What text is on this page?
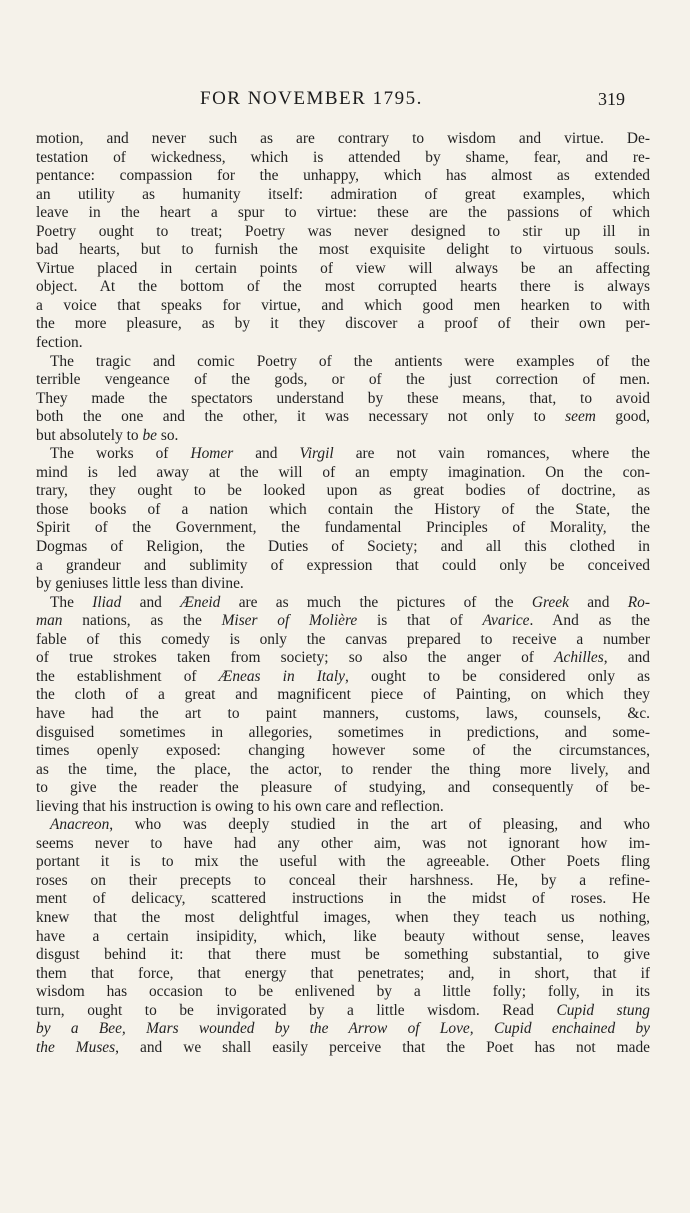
FOR NOVEMBER 1795.	319
motion, and never such as are contrary to wisdom and virtue. De-
testation of wickedness, which is attended by shame, fear, and re-
pentance: compassion for the unhappy, which has almost as extended
an utility as humanity itself: admiration of great examples, which
leave in the heart a spur to virtue: these are the passions of which
Poetry ought to treat; Poetry was never designed to stir up ill in
bad hearts, but to furnish the most exquisite delight to virtuous souls.
Virtue placed in certain points of view will always be an affecting
object. At the bottom of the most corrupted hearts there is always
a voice that speaks for virtue, and which good men hearken to with
the more pleasure, as by it they discover a proof of their own per-
fection.
The tragic and comic Poetry of the antients were examples of the
terrible vengeance of the gods, or of the just correction of men.
They made the spectators understand by these means, that, to avoid
both the one and the other, it was necessary not only to seem good,
but absolutely to be so.
The works of Homer and Virgil are not vain romances, where the
mind is led away at the will of an empty imagination. On the con-
trary, they ought to be looked upon as great bodies of doctrine, as
those books of a nation which contain the History of the State, the
Spirit of the Government, the fundamental Principles of Morality, the
Dogmas of Religion, the Duties of Society; and all this clothed in
a grandeur and sublimity of expression that could only be conceived
by geniuses little less than divine.
The Iliad and Æneid are as much the pictures of the Greek and Ro-
man nations, as the Miser of Molière is that of Avarice. And as the
fable of this comedy is only the canvas prepared to receive a number
of true strokes taken from society; so also the anger of Achilles, and
the establishment of Æneas in Italy, ought to be considered only as
the cloth of a great and magnificent piece of Painting, on which they
have had the art to paint manners, customs, laws, counsels, &c.
disguised sometimes in allegories, sometimes in predictions, and some-
times openly exposed: changing however some of the circumstances,
as the time, the place, the actor, to render the thing more lively, and
to give the reader the pleasure of studying, and consequently of be-
lieving that his instruction is owing to his own care and reflection.
Anacreon, who was deeply studied in the art of pleasing, and who
seems never to have had any other aim, was not ignorant how im-
portant it is to mix the useful with the agreeable. Other Poets fling
roses on their precepts to conceal their harshness. He, by a refine-
ment of delicacy, scattered instructions in the midst of roses. He
knew that the most delightful images, when they teach us nothing,
have a certain insipidity, which, like beauty without sense, leaves
disgust behind it: that there must be something substantial, to give
them that force, that energy that penetrates; and, in short, that if
wisdom has occasion to be enlivened by a little folly; folly, in its
turn, ought to be invigorated by a little wisdom. Read Cupid stung
by a Bee, Mars wounded by the Arrow of Love, Cupid enchained by
the Muses, and we shall easily perceive that the Poet has not made
